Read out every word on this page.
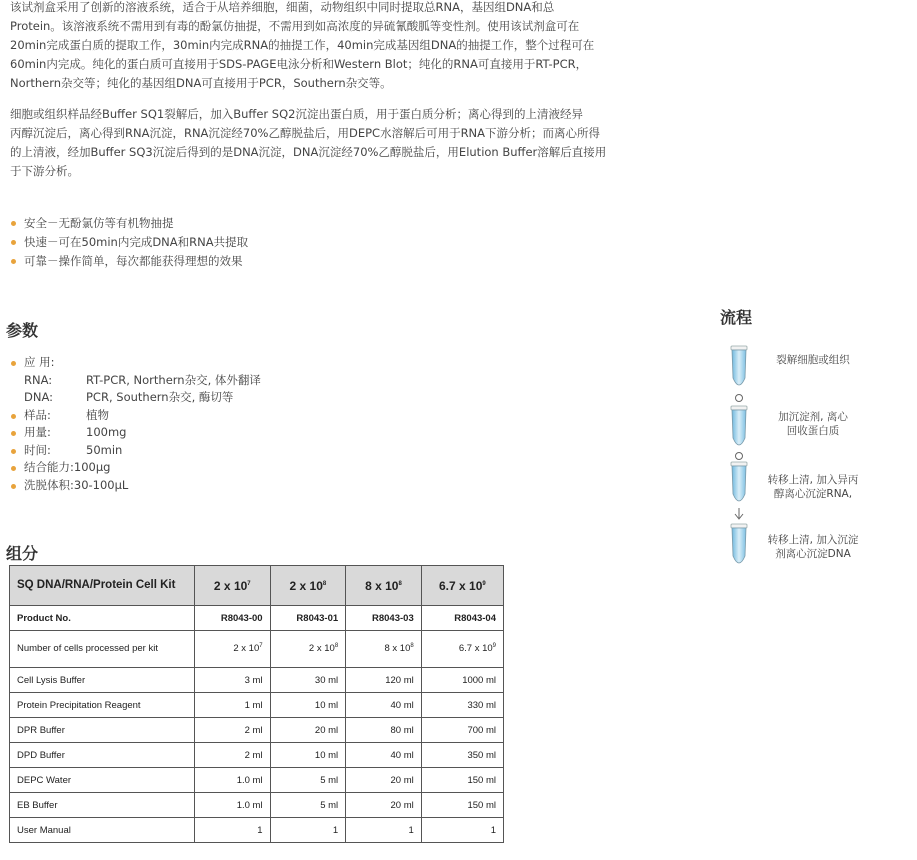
该试剂盒采用了创新的溶液系统，适合于从培养细胞，细菌，动物组织中同时提取总RNA，基因组DNA和总
Protein。该溶液系统不需用到有毒的酚氯仿抽提，不需用到如高浓度的异硫氰酸胍等变性剂。使用该试剂盒可在
20min完成蛋白质的提取工作，30min内完成RNA的抽提工作，40min完成基因组DNA的抽提工作，整个过程可在
60min内完成。纯化的蛋白质可直接用于SDS-PAGE电泳分析和Western Blot；纯化的RNA可直接用于RT-PCR，
Northern杂交等；纯化的基因组DNA可直接用于PCR，Southern杂交等。
细胞或组织样品经Buffer SQ1裂解后，加入Buffer SQ2沉淀出蛋白质，用于蛋白质分析；离心得到的上清液经异
丙醇沉淀后，离心得到RNA沉淀，RNA沉淀经70%乙醇脱盐后，用DEPC水溶解后可用于RNA下游分析；而离心所得
的上清液，经加Buffer SQ3沉淀后得到的是DNA沉淀，DNA沉淀经70%乙醇脱盐后，用Elution Buffer溶解后直接用
于下游分析。
安全－无酚氯仿等有机物抽提
快速－可在50min内完成DNA和RNA共提取
可靠－操作简单，每次都能获得理想的效果
参数
应 用:
RNA:	RT-PCR, Northern杂交, 体外翻译
DNA:	PCR, Southern杂交, 酶切等
样品:	植物
用量:	100mg
时间:	50min
结合能力:100µg
洗脱体积:30-100µL
组分
SQ DNA/RNA/Protein Cell Kit	2 x $10^7$	2 x $10^8$	8 x $10^8$	6.7 x $10^9$
Product No.	R8043-00	R8043-01	R8043-03	R8043-04
Number of cells processed per kit	2 x $10^7$	2 x $10^8$	8 x $10^8$	6.7 x $10^9$
Cell Lysis Buffer	3 ml	30 ml	120 ml	1000 ml
Protein Precipitation Reagent	1 ml	10 ml	40 ml	330 ml
DPR Buffer	2 ml	20 ml	80 ml	700 ml
DPD Buffer	2 ml	10 ml	40 ml	350 ml
DEPC Water	1.0 ml	5 ml	20 ml	150 ml
EB Buffer	1.0 ml	5 ml	20 ml	150 ml
User Manual	1	1	1	1
流程
裂解细胞或组织
加沉淀剂, 离心
回收蛋白质
转移上清, 加入异丙
醇离心沉淀RNA,
转移上清, 加入沉淀
剂离心沉淀DNA
